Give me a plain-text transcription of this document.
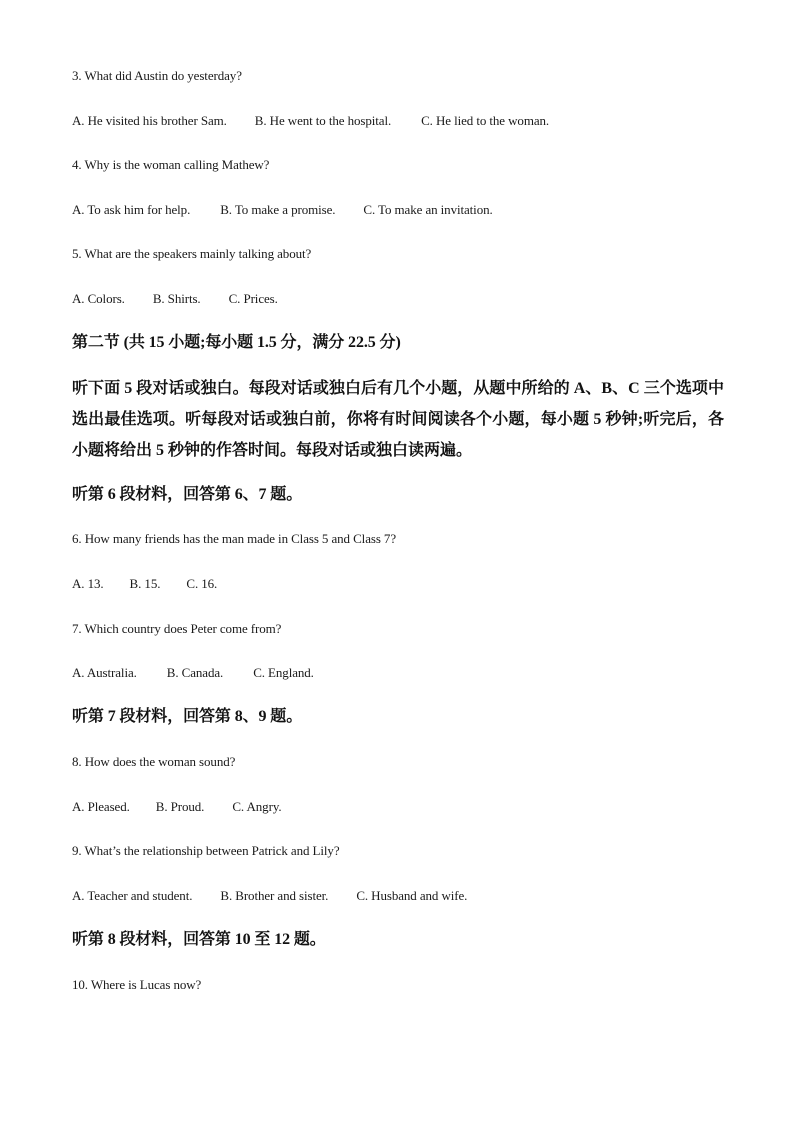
3. What did Austin do yesterday?
A. He visited his brother Sam. B. He went to the hospital. C. He lied to the woman.
4. Why is the woman calling Mathew?
A. To ask him for help. B. To make a promise. C. To make an invitation.
5. What are the speakers mainly talking about?
A. Colors. B. Shirts. C. Prices.
第二节 (共 15 小题;每小题 1.5 分，满分 22.5 分)
听下面 5 段对话或独白。每段对话或独白后有几个小题，从题中所给的 A、B、C 三个选项中选出最佳选项。听每段对话或独白前，你将有时间阅读各个小题，每小题 5 秒钟;听完后，各小题将给出 5 秒钟的作答时间。每段对话或独白读两遍。
听第 6 段材料，回答第 6、7 题。
6. How many friends has the man made in Class 5 and Class 7?
A. 13. B. 15. C. 16.
7. Which country does Peter come from?
A. Australia. B. Canada. C. England.
听第 7 段材料，回答第 8、9 题。
8. How does the woman sound?
A. Pleased. B. Proud. C. Angry.
9. What’s the relationship between Patrick and Lily?
A. Teacher and student. B. Brother and sister. C. Husband and wife.
听第 8 段材料，回答第 10 至 12 题。
10. Where is Lucas now?
